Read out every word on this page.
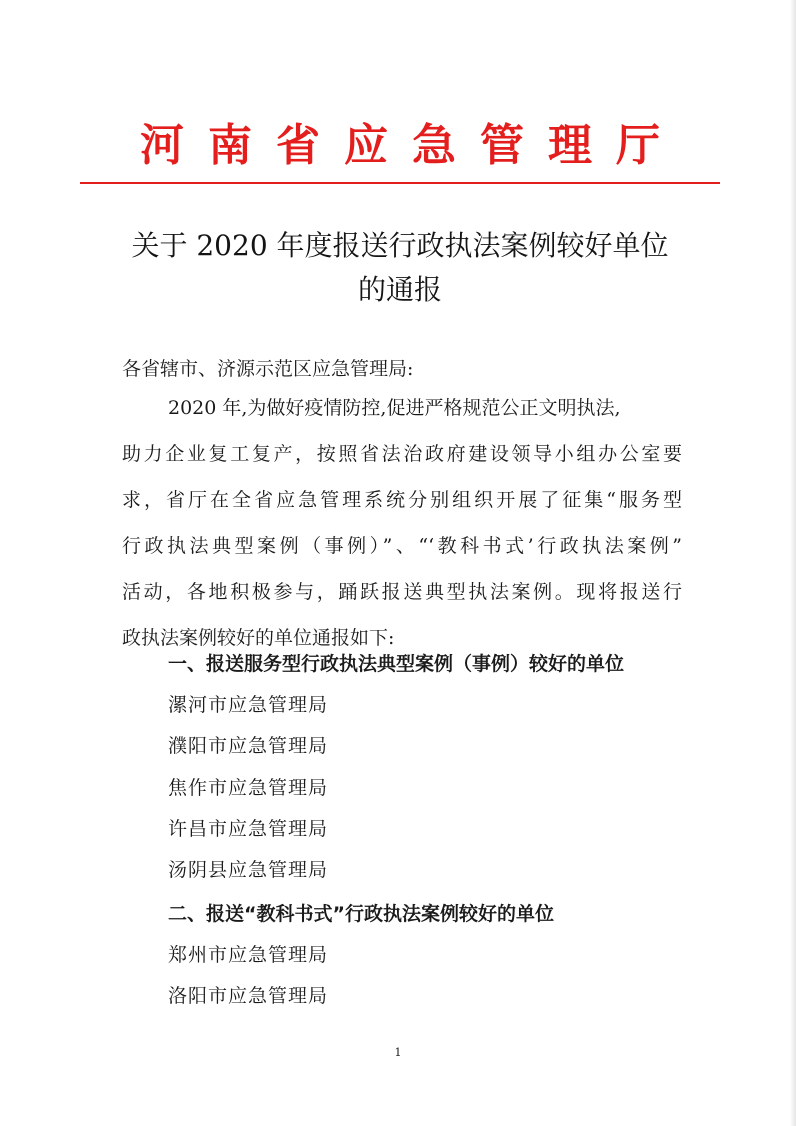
河南省应急管理厅
关于 2020 年度报送行政执法案例较好单位
的通报
各省辖市、济源示范区应急管理局:
2020 年,为做好疫情防控,促进严格规范公正文明执法,
助力企业复工复产，按照省法治政府建设领导小组办公室要
求，省厅在全省应急管理系统分别组织开展了征集“服务型
行政执法典型案例（事例）”、“‘教科书式’行政执法案例”
活动，各地积极参与，踊跃报送典型执法案例。现将报送行
政执法案例较好的单位通报如下:
一、报送服务型行政执法典型案例（事例）较好的单位
漯河市应急管理局
濮阳市应急管理局
焦作市应急管理局
许昌市应急管理局
汤阴县应急管理局
二、报送“教科书式”行政执法案例较好的单位
郑州市应急管理局
洛阳市应急管理局
1
